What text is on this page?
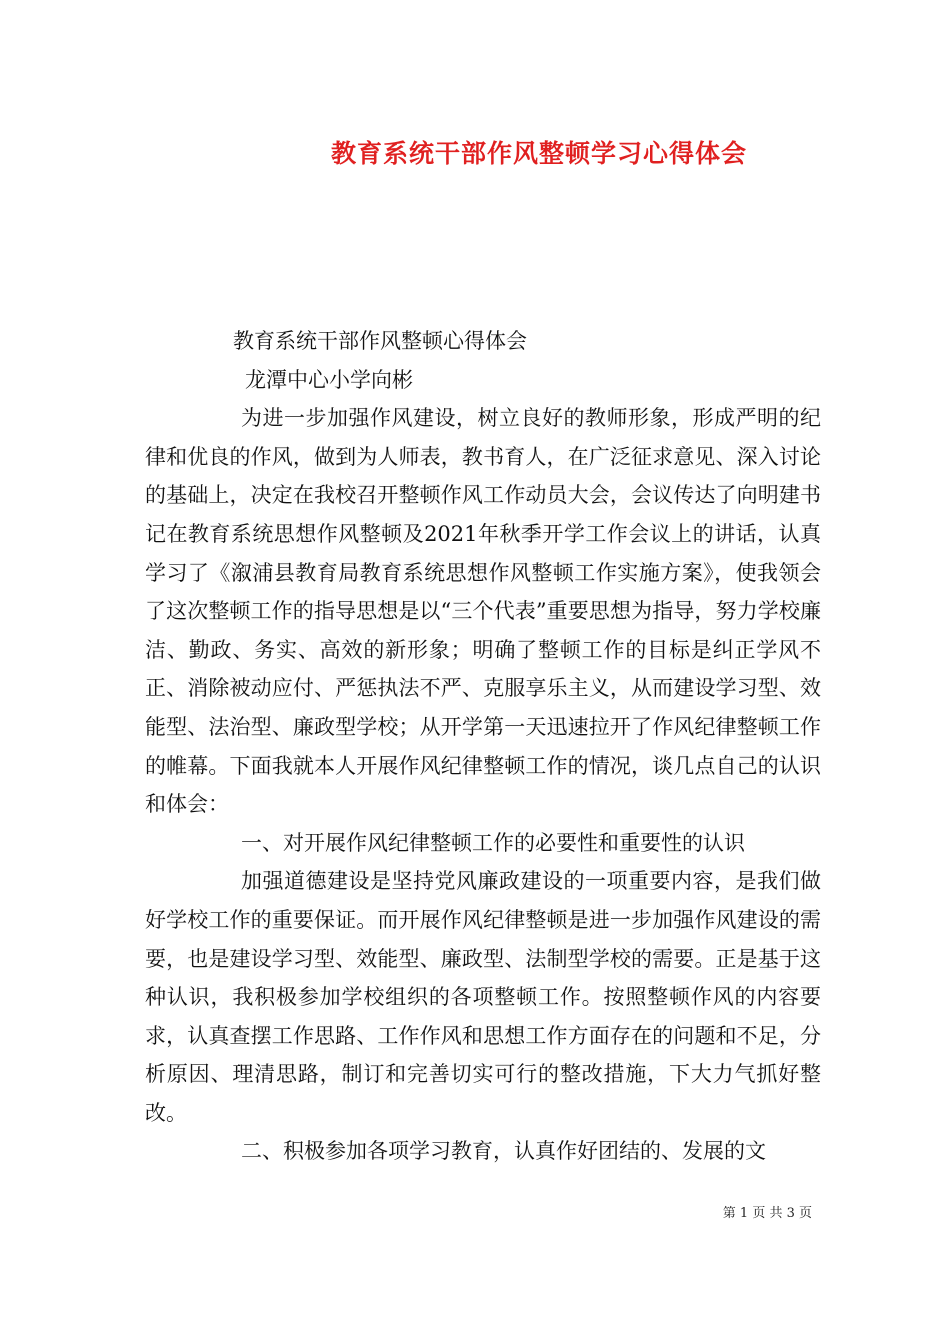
教育系统干部作风整顿学习心得体会

教育系统干部作风整顿心得体会

龙潭中心小学向彬

为进一步加强作风建设，树立良好的教师形象，形成严明的纪律和优良的作风，做到为人师表，教书育人，在广泛征求意见、深入讨论的基础上，决定在我校召开整顿作风工作动员大会，会议传达了向明建书记在教育系统思想作风整顿及2021年秋季开学工作会议上的讲话，认真学习了《溆浦县教育局教育系统思想作风整顿工作实施方案》，使我领会了这次整顿工作的指导思想是以“三个代表”重要思想为指导，努力学校廉洁、勤政、务实、高效的新形象；明确了整顿工作的目标是纠正学风不正、消除被动应付、严惩执法不严、克服享乐主义，从而建设学习型、效能型、法治型、廉政型学校；从开学第一天迅速拉开了作风纪律整顿工作的帷幕。下面我就本人开展作风纪律整顿工作的情况，谈几点自己的认识和体会：

一、对开展作风纪律整顿工作的必要性和重要性的认识

加强道德建设是坚持党风廉政建设的一项重要内容，是我们做好学校工作的重要保证。而开展作风纪律整顿是进一步加强作风建设的需要，也是建设学习型、效能型、廉政型、法制型学校的需要。正是基于这种认识，我积极参加学校组织的各项整顿工作。按照整顿作风的内容要求，认真查摆工作思路、工作作风和思想工作方面存在的问题和不足，分析原因、理清思路，制订和完善切实可行的整改措施，下大力气抓好整改。

二、积极参加各项学习教育，认真作好团结的、发展的文

第 1 页 共 3 页
